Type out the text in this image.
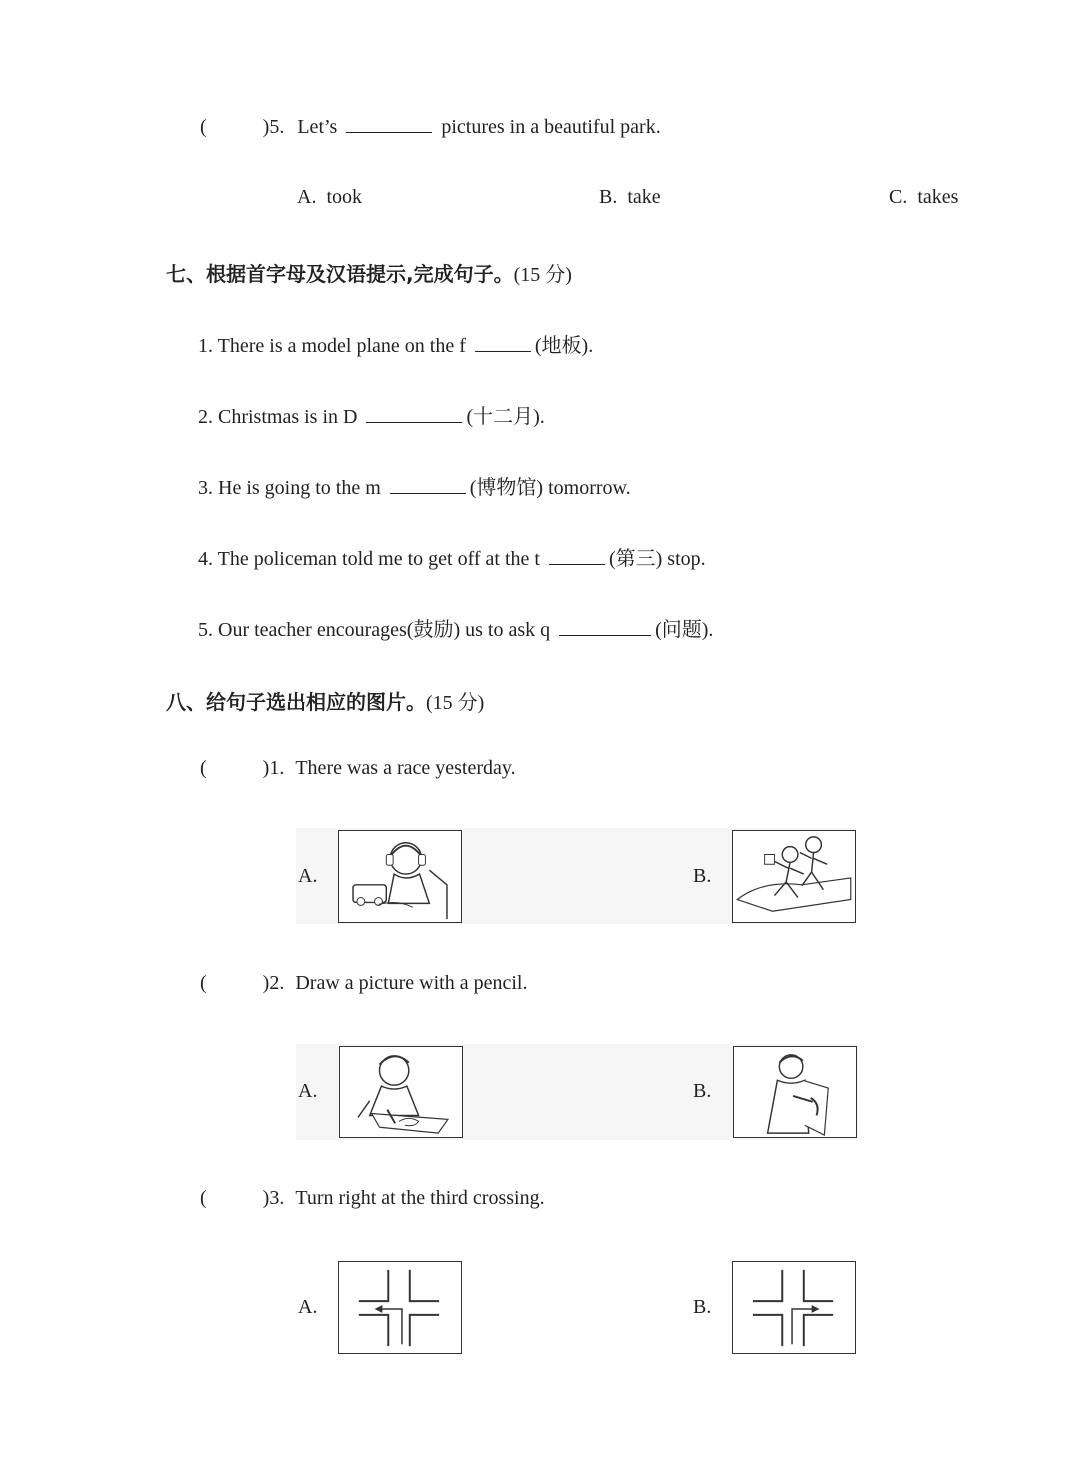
(	)5. Let’s	pictures in a beautiful park.
A. took	B. take	C. takes
七、根据首字母及汉语提示,完成句子。(15 分)
1. There is a model plane on the f	(地板).
2. Christmas is in D	(十二月).
3. He is going to the m	(博物馆) tomorrow.
4. The policeman told me to get off at the t	(第三) stop.
5. Our teacher encourages(鼓励) us to ask q	(问题).
八、给句子选出相应的图片。(15 分)
(	)1. There was a race yesterday.
A.	B.
(	)2. Draw a picture with a pencil.
A.	B.
(	)3. Turn right at the third crossing.
A.	B.
